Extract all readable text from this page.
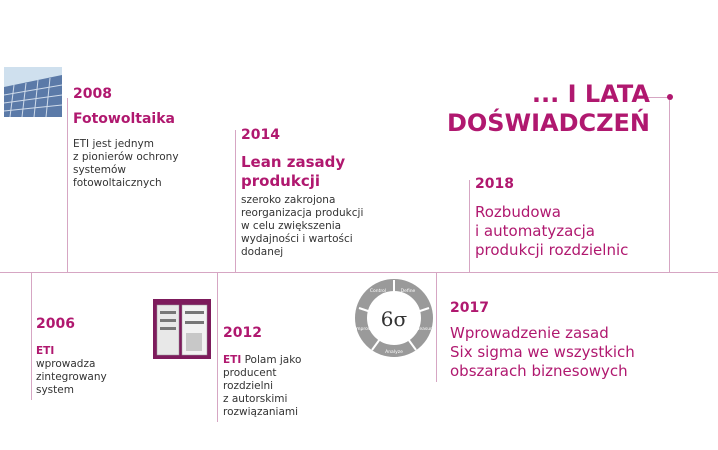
... I LATA
DOŚWIADCZEŃ
2008
Fotowoltaika
ETI jest jednym
z pionierów ochrony
systemów
fotowoltaicznych
2014
Lean zasady
produkcji
szeroko zakrojona
reorganizacja produkcji
w celu zwiększenia
wydajności i wartości
dodanej
2018
Rozbudowa
i automatyzacja
produkcji rozdzielnic
2006
ETI
wprowadza
zintegrowany
system
2012
ETI Polam jako
producent
rozdzielni
z autorskimi
rozwiązaniami
6σ
Define
Measure
Analyze
Improve
Control
2017
Wprowadzenie zasad
Six sigma we wszystkich
obszarach biznesowych
